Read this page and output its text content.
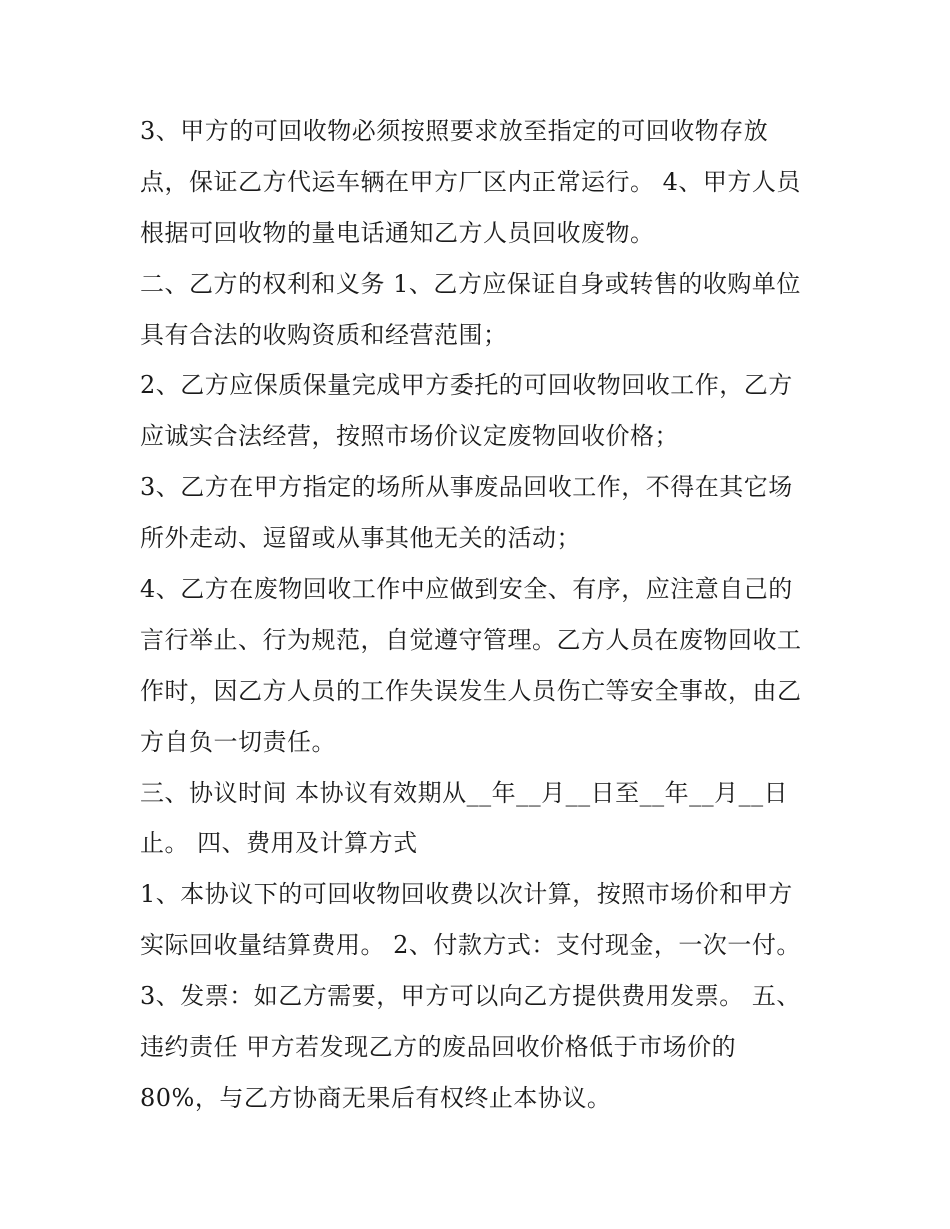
3、甲方的可回收物必须按照要求放至指定的可回收物存放
点，保证乙方代运车辆在甲方厂区内正常运行。 4、甲方人员
根据可回收物的量电话通知乙方人员回收废物。
二、乙方的权利和义务 1、乙方应保证自身或转售的收购单位
具有合法的收购资质和经营范围；
2、乙方应保质保量完成甲方委托的可回收物回收工作，乙方
应诚实合法经营，按照市场价议定废物回收价格；
3、乙方在甲方指定的场所从事废品回收工作，不得在其它场
所外走动、逗留或从事其他无关的活动；
4、乙方在废物回收工作中应做到安全、有序，应注意自己的
言行举止、行为规范，自觉遵守管理。乙方人员在废物回收工
作时，因乙方人员的工作失误发生人员伤亡等安全事故，由乙
方自负一切责任。
三、协议时间 本协议有效期从__年__月__日至__年__月__日
止。 四、费用及计算方式
1、本协议下的可回收物回收费以次计算，按照市场价和甲方
实际回收量结算费用。 2、付款方式：支付现金，一次一付。
3、发票：如乙方需要，甲方可以向乙方提供费用发票。 五、
违约责任 甲方若发现乙方的废品回收价格低于市场价的
80%，与乙方协商无果后有权终止本协议。
